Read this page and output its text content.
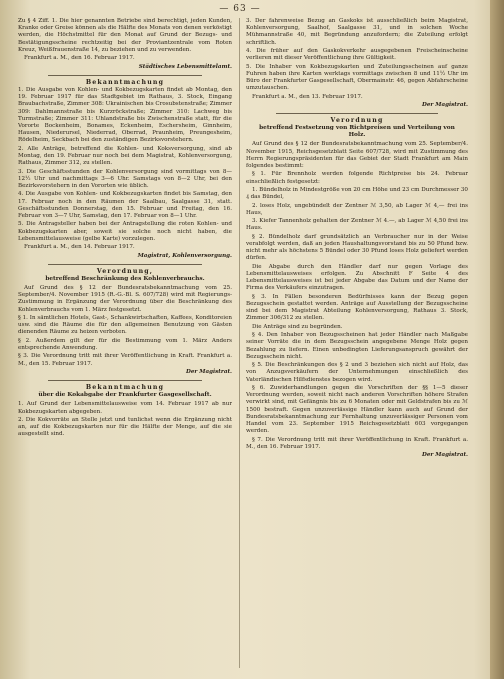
— 63 —

Zu § 4 Ziff. 1. Die hier genannten Betriebe sind berechtigt, jeden Kunden, Kranke oder Greise können als die Hälfte des Monats von denen verköstigt werden, die Höchstmittel für den Monat auf Grund der Bezugs- und Bestätigungsscheine rechtzeitig bei der Proviantzentrale vom Roten Kreuz, Weißfrauenstraße 14, zu beziehen und zu verwenden.

Frankfurt a. M., den 16. Februar 1917.

Städtisches Lebensmittelamt.
Bekanntmachung

1. Die Ausgabe von Kohlen- und Kokbezugskarten findet ab Montag, den 19. Februar 1917 für das Stadtgebiet im Rathaus, 3. Stock, Eingang Braubachstraße, Zimmer 308: Ukrainischen bis Crosubstenstraße; Zimmer 309: Dahlmannstraße bis Kurzröckstraße; Zimmer 310: Lachweg bis Turmstraße; Zimmer 311: Uhlandstraße bis Zwischenstraße statt, für die Vororte Bockenheim, Bonames, Eckenheim, Eschersheim, Ginnheim, Hausen, Niederursel, Niederrad, Oberrad, Praunheim, Preungesheim, Rödelheim, Seckbach bei den zuständigen Bezirksvorstehern.

2. Alle Anträge, betreffend die Kohlen- und Koksversorgung, sind ab Montag, den 19. Februar nur noch bei dem Magistrat, Kohlenversorgung, Rathaus, Zimmer 312, zu stellen.

3. Die Geschäftsstunden der Kohlenversorgung sind vormittags von 8—12½ Uhr und nachmittags 3—6 Uhr. Samstags von 8—2 Uhr, bei den Bezirksvorstehern in den Vororten wie üblich.

4. Die Ausgabe von Kohlen- und Kokbezugskarten findet bis Samstag, den 17. Februar noch in den Räumen der Saalbau, Saalgasse 31, statt. Geschäftsstunden Donnerstag, den 15. Februar und Freitag, den 16. Februar von 3—7 Uhr, Samstag, den 17. Februar von 8—1 Uhr.

5. Die Antragsteller haben bei der Antragstellung die roten Kohlen- und Kokbezugskarten aber, soweit sie solche noch nicht haben, die Lebensmittelausweise (gelbe Karte) vorzulegen.

Frankfurt a. M., den 14. Februar 1917.

Magistrat, Kohlenversorgung.
Verordnung,
betreffend Beschränkung des Kohlenverbrauchs.

Auf Grund des § 12 der Bundesratsbekanntmachung vom 25. September/4. November 1915 (R.-G.-Bl. S. 607/728) wird mit Regierungs-Zustimmung in Ergänzung der Verordnung über die Beschränkung des Kohlenverbrauchs vom 1. März festgesetzt.

§ 1. In sämtlichen Hotels, Gast-, Schankwirtschaften, Kaffees, Konditoreien usw. sind die Räume die für den allgemeinen Benutzung von Gästen dienenden Räume zu heizen verboten.

§ 2. Außerdem gilt der für die Bestimmung vom 1. März Anders entsprechende Anwendung.

§ 3. Die Verordnung tritt mit ihrer Veröffentlichung in Kraft. Frankfurt a. M., den 15. Februar 1917.

Der Magistrat.
Bekanntmachung
über die Kokabgabe der Frankfurter Gasgesellschaft.

1. Auf Grund der Lebensmittelausweise vom 14. Februar 1917 ab nur Kokbezugskarten abgegeben.

2. Die Kokvorräte an Stelle jetzt und tunlichst wenn die Ergänzung nicht an, auf die Kokbezugskarten nur für die Hälfte der Menge, auf die sie ausgestellt sind.

3. Der fahrenweise Bezug an Gaskoks ist ausschließlich beim Magistrat, Kohlenversorgung, Saalhof, Saalgasse 31, und in solchen Woche Mühmannstraße 40, mit Begründung anzufordern; die Zuteilung erfolgt schriftlich.

4. Die früher auf den Gaskokverkehr ausgegebenen Freischeinscheine verlieren mit dieser Veröffentlichung ihre Gültigkeit.

5. Die Inhaber von Kokbezugskarten und Zuteilungsscheinen auf ganze Fuhren haben ihre Karten werktags vormittags zwischen 8 und 11½ Uhr im Büro der Frankfurter Gasgesellschaft, Obermainstr. 46, gegen Abfahrscheine umzutauschen.

Frankfurt a. M., den 13. Februar 1917.

Der Magistrat.
Verordnung
betreffend Festsetzung von Richtpreisen und Verteilung von Holz.

Auf Grund des § 12 der Bundesratsbekanntmachung vom 25. September/4. November 1915, Reichsgesetzblatt Seite 607/728, wird mit Zustimmung des Herrn Regierungspräsidenten für das Gebiet der Stadt Frankfurt am Main folgendes bestimmt:

§ 1. Für Brennholz werden folgende Richtpreise bis 24. Februar einschließlich festgesetzt:

1. Bündelholz in Mindestgröße von 20 cm Höhe und 23 cm Durchmesser 30 ₰ das Bündel,

2. loses Holz, ungebündelt der Zentner ℳ 3,50, ab Lager ℳ 4,— frei ins Haus,

3. Kiefer Tannenholz gehalten der Zentner ℳ 4.—, ab Lager ℳ 4,50 frei ins Haus.

§ 2. Bündelholz darf grundsätzlich an Verbraucher nur in der Weise verabfolgt werden, daß an jeden Haushaltungsvorstand bis zu 50 Pfund bzw. nicht mehr als höchstens 5 Bündel oder 30 Pfund loses Holz geliefert werden dürfen.

Die Abgabe durch den Händler darf nur gegen Vorlage des Lebensmittelausweises erfolgen. Zu Abschnitt F Seite 4 des Lebensmittelausweises ist bei jeder Abgabe das Datum und der Name der Firma des Verkäufers einzutragen.

§ 3. In Fällen besonderen Bedürfnisses kann der Bezug gegen Bezugsschein gestattet werden. Anträge auf Ausstellung der Bezugsscheine sind bei dem Magistrat Abteilung Kohlenversorgung, Rathaus 3. Stock, Zimmer 306/312 zu stellen.

Die Anträge sind zu begründen.

§ 4. Den Inhaber von Bezugsscheinen hat jeder Händler nach Maßgabe seiner Vorräte die in dem Bezugsschein angegebene Menge Holz gegen Bezahlung zu liefern. Einen unbedingten Lieferungsanspruch gewährt der Bezugsschein nicht.

§ 5. Die Beschränkungen des § 2 und 3 beziehen sich nicht auf Holz, das von Anzugsverkäufern der Unternehmungen einschließlich des Vaterländischen Hilfsdienstes bezogen wird.

§ 6. Zuwiderhandlungen gegen die Vorschriften der §§ 1—5 dieser Verordnung werden, soweit nicht nach anderen Vorschriften höhere Strafen verwirkt sind, mit Gefängnis bis zu 6 Monaten oder mit Geldstrafen bis zu ℳ 1500 bestraft. Gegen unzuverlässige Händler kann auch auf Grund der Bundesratsbekanntmachung zur Fernhaltung unzuverlässiger Personen vom Handel vom 23. September 1915 Reichsgesetzblatt 603 vorgegangen werden.

§ 7. Die Verordnung tritt mit ihrer Veröffentlichung in Kraft. Frankfurt a. M., den 16. Februar 1917.

Der Magistrat.
